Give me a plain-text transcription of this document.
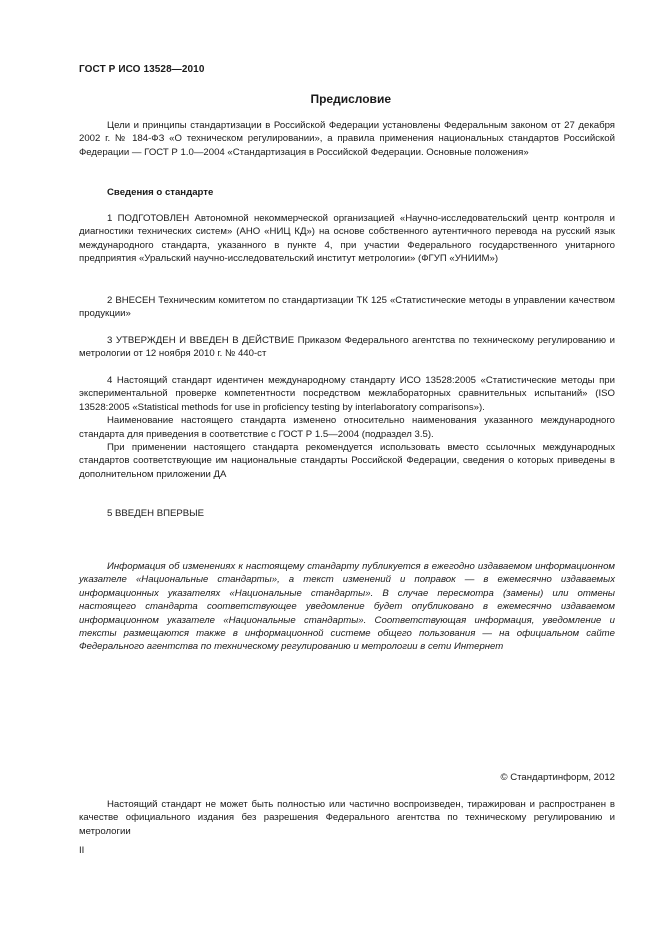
ГОСТ Р ИСО 13528—2010
Предисловие

Цели и принципы стандартизации в Российской Федерации установлены Федеральным законом от 27 декабря 2002 г. № 184-ФЗ «О техническом регулировании», а правила применения национальных стандартов Российской Федерации — ГОСТ Р 1.0—2004 «Стандартизация в Российской Федерации. Основные положения»

Сведения о стандарте

1 ПОДГОТОВЛЕН Автономной некоммерческой организацией «Научно-исследовательский центр контроля и диагностики технических систем» (АНО «НИЦ КД») на основе собственного аутентичного перевода на русский язык международного стандарта, указанного в пункте 4, при участии Федерального государственного унитарного предприятия «Уральский научно-исследовательский институт метрологии» (ФГУП «УНИИМ»)

2 ВНЕСЕН Техническим комитетом по стандартизации ТК 125 «Статистические методы в управлении качеством продукции»

3 УТВЕРЖДЕН И ВВЕДЕН В ДЕЙСТВИЕ Приказом Федерального агентства по техническому регулированию и метрологии от 12 ноября 2010 г. № 440-ст

4 Настоящий стандарт идентичен международному стандарту ИСО 13528:2005 «Статистические методы при экспериментальной проверке компетентности посредством межлабораторных сравнительных испытаний» (ISO 13528:2005 «Statistical methods for use in proficiency testing by interlaboratory comparisons»).

Наименование настоящего стандарта изменено относительно наименования указанного международного стандарта для приведения в соответствие с ГОСТ Р 1.5—2004 (подраздел 3.5).

При применении настоящего стандарта рекомендуется использовать вместо ссылочных международных стандартов соответствующие им национальные стандарты Российской Федерации, сведения о которых приведены в дополнительном приложении ДА

5 ВВЕДЕН ВПЕРВЫЕ

Информация об изменениях к настоящему стандарту публикуется в ежегодно издаваемом информационном указателе «Национальные стандарты», а текст изменений и поправок — в ежемесячно издаваемых информационных указателях «Национальные стандарты». В случае пересмотра (замены) или отмены настоящего стандарта соответствующее уведомление будет опубликовано в ежемесячно издаваемом информационном указателе «Национальные стандарты». Соответствующая информация, уведомление и тексты размещаются также в информационной системе общего пользования — на официальном сайте Федерального агентства по техническому регулированию и метрологии в сети Интернет

© Стандартинформ, 2012

Настоящий стандарт не может быть полностью или частично воспроизведен, тиражирован и распространен в качестве официального издания без разрешения Федерального агентства по техническому регулированию и метрологии

II
